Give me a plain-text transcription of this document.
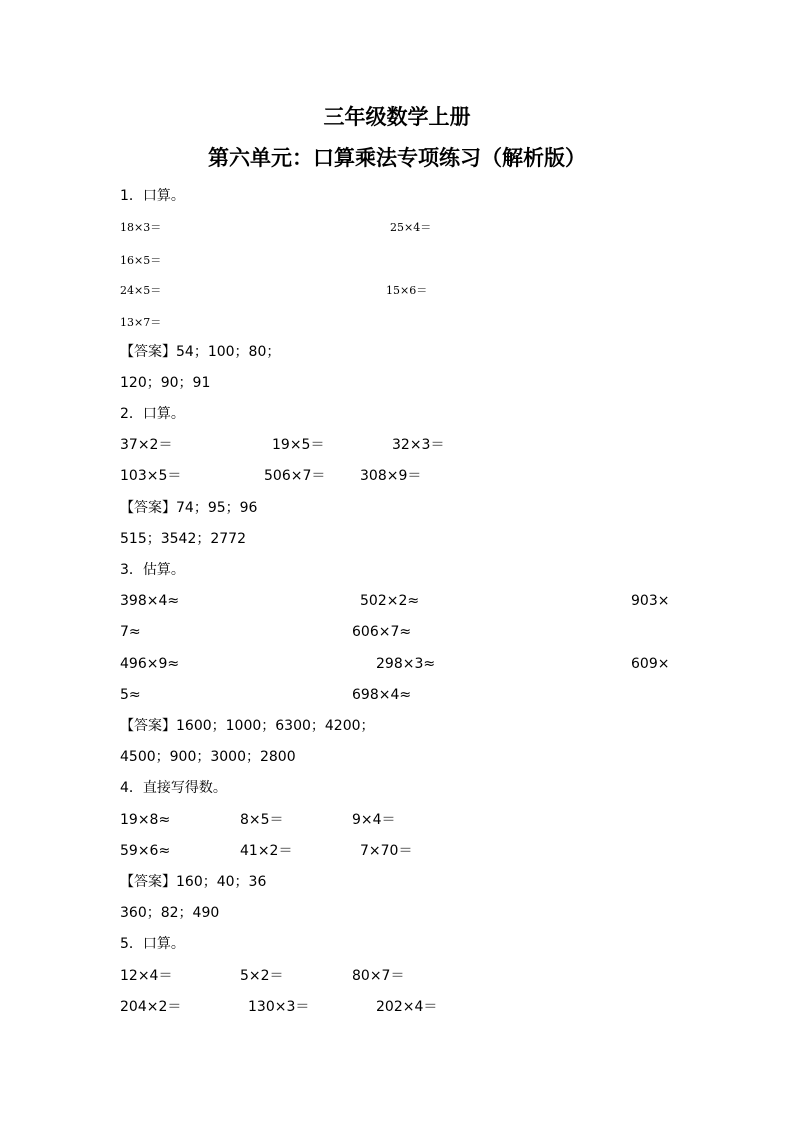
三年级数学上册
第六单元：口算乘法专项练习（解析版）
1．口算。
18×3＝	25×4＝
16×5＝
24×5＝	15×6＝
13×7＝
【答案】54；100；80；
120；90；91
2．口算。
37×2＝	19×5＝	32×3＝
103×5＝	506×7＝ 308×9＝
【答案】74；95；96
515；3542；2772
3．估算。
398×4≈	502×2≈	903×
7≈	606×7≈
496×9≈	298×3≈	609×
5≈	698×4≈
【答案】1600；1000；6300；4200；
4500；900；3000；2800
4．直接写得数。
19×8≈	8×5＝	9×4＝
59×6≈	41×2＝	7×70＝
【答案】160；40；36
360；82；490
5．口算。
12×4＝	5×2＝	80×7＝
204×2＝	130×3＝	202×4＝
